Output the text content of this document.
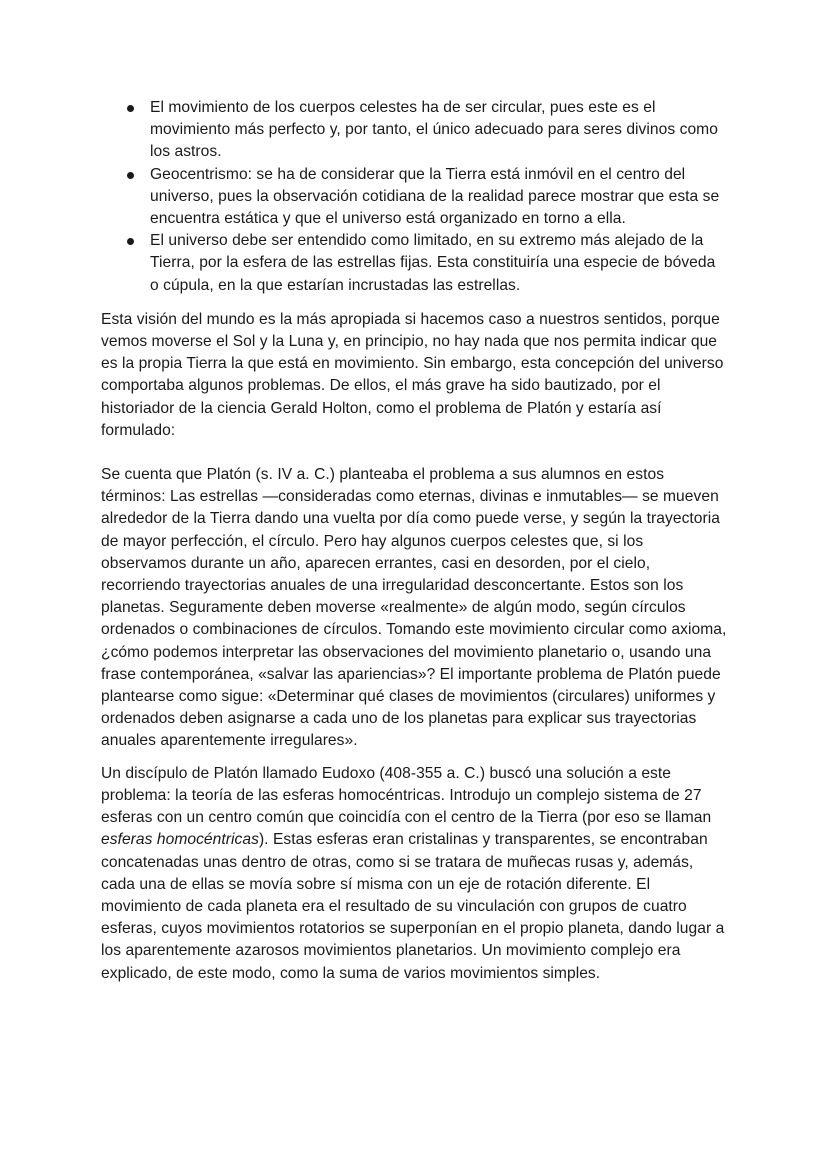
El movimiento de los cuerpos celestes ha de ser circular, pues este es el movimiento más perfecto y, por tanto, el único adecuado para seres divinos como los astros.
Geocentrismo: se ha de considerar que la Tierra está inmóvil en el centro del universo, pues la observación cotidiana de la realidad parece mostrar que esta se encuentra estática y que el universo está organizado en torno a ella.
El universo debe ser entendido como limitado, en su extremo más alejado de la Tierra, por la esfera de las estrellas fijas. Esta constituiría una especie de bóveda o cúpula, en la que estarían incrustadas las estrellas.

Esta visión del mundo es la más apropiada si hacemos caso a nuestros sentidos, porque vemos moverse el Sol y la Luna y, en principio, no hay nada que nos permita indicar que es la propia Tierra la que está en movimiento. Sin embargo, esta concepción del universo comportaba algunos problemas. De ellos, el más grave ha sido bautizado, por el historiador de la ciencia Gerald Holton, como el problema de Platón y estaría así formulado:

Se cuenta que Platón (s. IV a. C.) planteaba el problema a sus alumnos en estos términos: Las estrellas —consideradas como eternas, divinas e inmutables— se mueven alrededor de la Tierra dando una vuelta por día como puede verse, y según la trayectoria de mayor perfección, el círculo. Pero hay algunos cuerpos celestes que, si los observamos durante un año, aparecen errantes, casi en desorden, por el cielo, recorriendo trayectorias anuales de una irregularidad desconcertante. Estos son los planetas. Seguramente deben moverse «realmente» de algún modo, según círculos ordenados o combinaciones de círculos. Tomando este movimiento circular como axioma, ¿cómo podemos interpretar las observaciones del movimiento planetario o, usando una frase contemporánea, «salvar las apariencias»? El importante problema de Platón puede plantearse como sigue: «Determinar qué clases de movimientos (circulares) uniformes y ordenados deben asignarse a cada uno de los planetas para explicar sus trayectorias anuales aparentemente irregulares».

Un discípulo de Platón llamado Eudoxo (408-355 a. C.) buscó una solución a este problema: la teoría de las esferas homocéntricas. Introdujo un complejo sistema de 27 esferas con un centro común que coincidía con el centro de la Tierra (por eso se llaman esferas homocéntricas). Estas esferas eran cristalinas y transparentes, se encontraban concatenadas unas dentro de otras, como si se tratara de muñecas rusas y, además, cada una de ellas se movía sobre sí misma con un eje de rotación diferente. El movimiento de cada planeta era el resultado de su vinculación con grupos de cuatro esferas, cuyos movimientos rotatorios se superponían en el propio planeta, dando lugar a los aparentemente azarosos movimientos planetarios. Un movimiento complejo era explicado, de este modo, como la suma de varios movimientos simples.
